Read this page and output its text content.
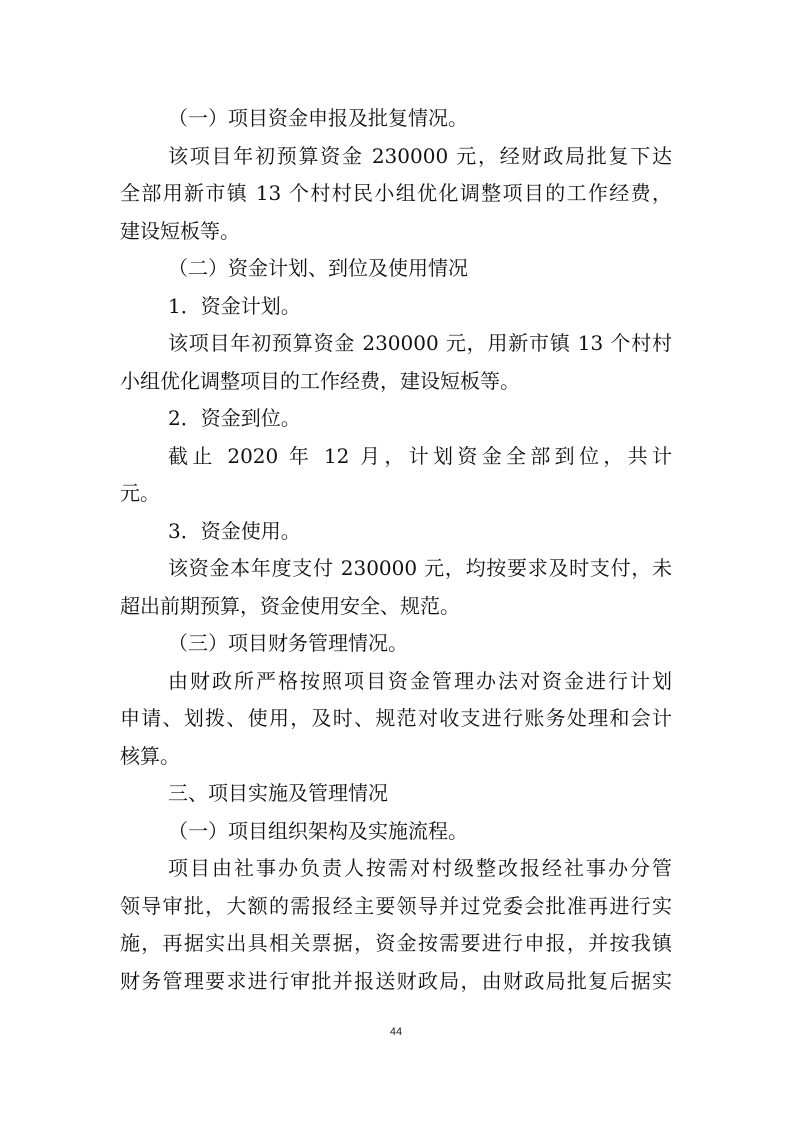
（一）项目资金申报及批复情况。
该项目年初预算资金 230000 元，经财政局批复下达
全部用新市镇 13 个村村民小组优化调整项目的工作经费，
建设短板等。
（二）资金计划、到位及使用情况
1．资金计划。
该项目年初预算资金 230000 元，用新市镇 13 个村村
小组优化调整项目的工作经费，建设短板等。
2．资金到位。
截止 2020 年 12 月，计划资金全部到位，共计
元。
3．资金使用。
该资金本年度支付 230000 元，均按要求及时支付，未
超出前期预算，资金使用安全、规范。
（三）项目财务管理情况。
由财政所严格按照项目资金管理办法对资金进行计划
申请、划拨、使用，及时、规范对收支进行账务处理和会计
核算。
三、项目实施及管理情况
（一）项目组织架构及实施流程。
项目由社事办负责人按需对村级整改报经社事办分管
领导审批，大额的需报经主要领导并过党委会批准再进行实
施，再据实出具相关票据，资金按需要进行申报，并按我镇
财务管理要求进行审批并报送财政局，由财政局批复后据实
44
